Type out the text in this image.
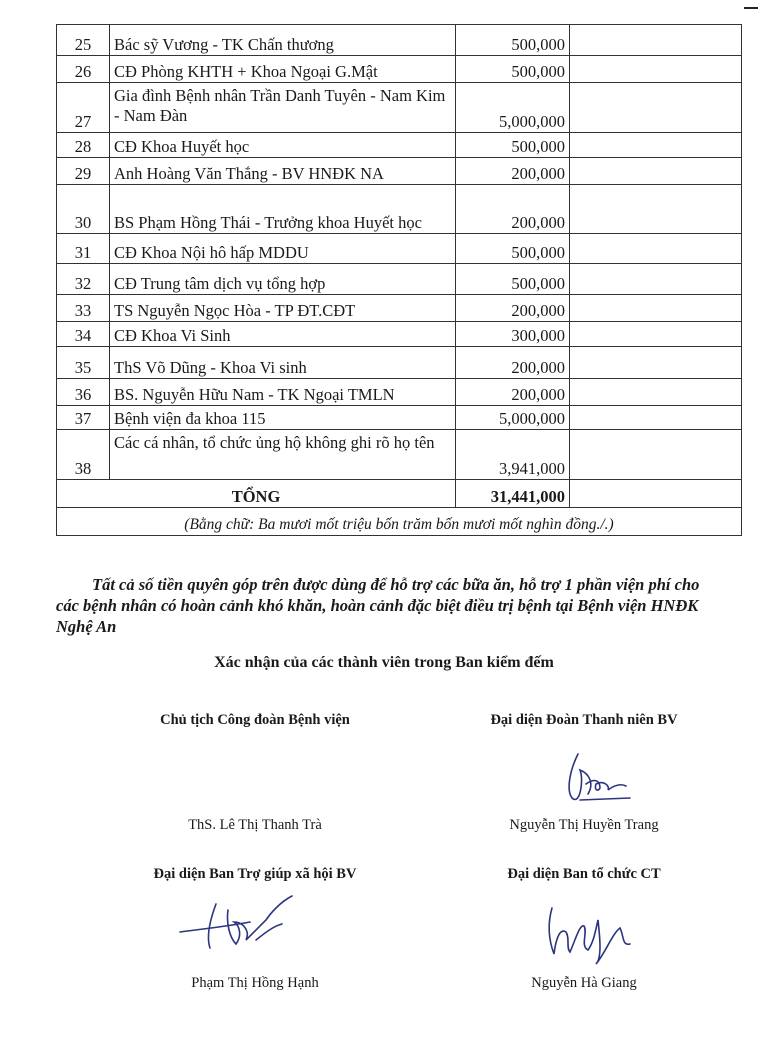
25	Bác sỹ Vương - TK Chấn thương	500,000	
26	CĐ Phòng KHTH + Khoa Ngoại G.Mật	500,000	
27	Gia đình Bệnh nhân Trần Danh Tuyên - Nam Kim - Nam Đàn	5,000,000	
28	CĐ Khoa Huyết học	500,000	
29	Anh Hoàng Văn Thắng - BV HNĐK NA	200,000	
30	BS Phạm Hồng Thái - Trưởng khoa Huyết học	200,000	
31	CĐ Khoa Nội hô hấp MDDU	500,000	
32	CĐ Trung tâm dịch vụ tổng hợp	500,000	
33	TS Nguyễn Ngọc Hòa - TP ĐT.CĐT	200,000	
34	CĐ Khoa Vi Sinh	300,000	
35	ThS Võ Dũng - Khoa Vi sinh	200,000	
36	BS. Nguyễn Hữu Nam - TK Ngoại TMLN	200,000	
37	Bệnh viện đa khoa 115	5,000,000	
38	Các cá nhân, tổ chức ủng hộ không ghi rõ họ tên	3,941,000	
TỔNG		31,441,000	
(Bằng chữ: Ba mươi mốt triệu bốn trăm bốn mươi mốt nghìn đồng./.)			

Tất cả số tiền quyên góp trên được dùng để hỗ trợ các bữa ăn, hỗ trợ 1 phần viện phí cho các bệnh nhân có hoàn cảnh khó khăn, hoàn cảnh đặc biệt điều trị bệnh tại Bệnh viện HNĐK Nghệ An

Xác nhận của các thành viên trong Ban kiểm đếm
Chủ tịch Công đoàn Bệnh viện
ThS. Lê Thị Thanh Trà
Đại diện Đoàn Thanh niên BV
Nguyễn Thị Huyền Trang
Đại diện Ban Trợ giúp xã hội BV
Phạm Thị Hồng Hạnh
Đại diện Ban tổ chức CT
Nguyễn Hà Giang
